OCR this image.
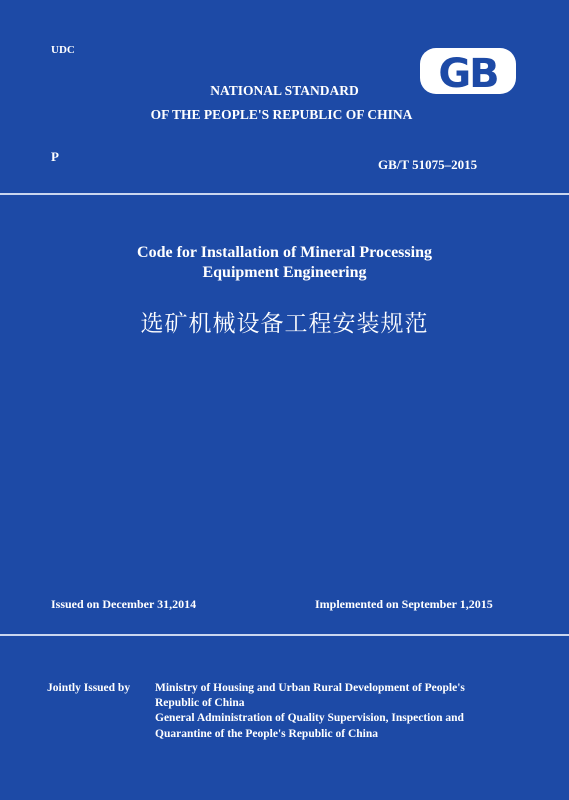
UDC
NATIONAL STANDARD
OF THE PEOPLE'S REPUBLIC OF CHINA
GB
P
GB/T 51075–2015
Code for Installation of Mineral Processing
Equipment Engineering
选矿机械设备工程安装规范
Issued on December 31,2014	Implemented on September 1,2015
Jointly Issued by Ministry of Housing and Urban Rural Development of People's
Republic of China
General Administration of Quality Supervision, Inspection and
Quarantine of the People's Republic of China
